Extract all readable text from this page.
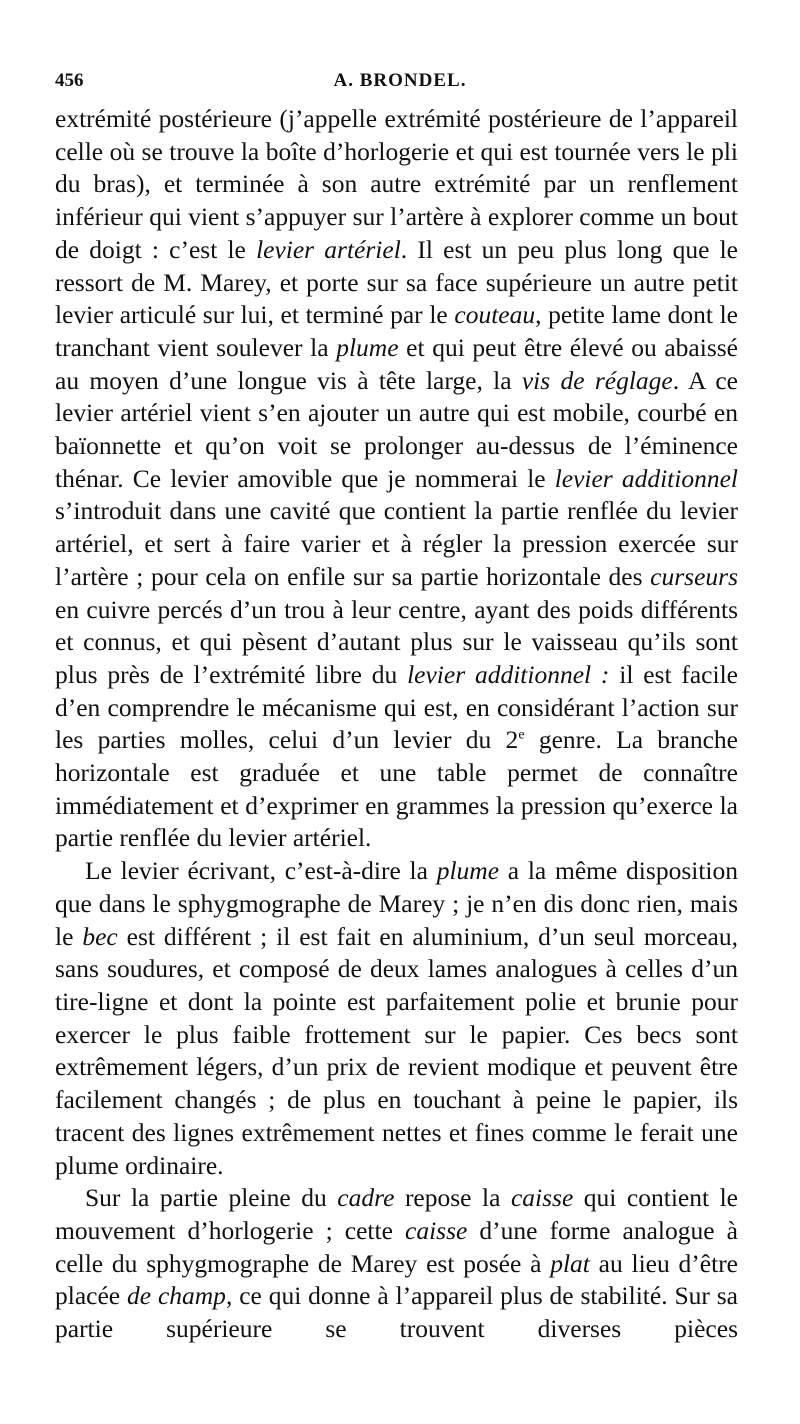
456	A. BRONDEL.

extrémité postérieure (j’appelle extrémité postérieure de l’appareil celle où se trouve la boîte d’horlogerie et qui est tournée vers le pli du bras), et terminée à son autre extrémité par un renflement inférieur qui vient s’appuyer sur l’artère à explorer comme un bout de doigt : c’est le levier artériel. Il est un peu plus long que le ressort de M. Marey, et porte sur sa face supérieure un autre petit levier articulé sur lui, et terminé par le couteau, petite lame dont le tranchant vient soulever la plume et qui peut être élevé ou abaissé au moyen d’une longue vis à tête large, la vis de réglage. A ce levier artériel vient s’en ajouter un autre qui est mobile, courbé en baïonnette et qu’on voit se prolonger au-dessus de l’éminence thénar. Ce levier amovible que je nommerai le levier additionnel s’introduit dans une cavité que contient la partie renflée du levier artériel, et sert à faire varier et à régler la pression exercée sur l’artère ; pour cela on enfile sur sa partie horizontale des curseurs en cuivre percés d’un trou à leur centre, ayant des poids différents et connus, et qui pèsent d’autant plus sur le vaisseau qu’ils sont plus près de l’extrémité libre du levier additionnel : il est facile d’en comprendre le mécanisme qui est, en considérant l’action sur les parties molles, celui d’un levier du 2e genre. La branche horizontale est graduée et une table permet de connaître immédiatement et d’exprimer en grammes la pression qu’exerce la partie renflée du levier artériel.

Le levier écrivant, c’est-à-dire la plume a la même disposition que dans le sphygmographe de Marey ; je n’en dis donc rien, mais le bec est différent ; il est fait en aluminium, d’un seul morceau, sans soudures, et composé de deux lames analogues à celles d’un tire-ligne et dont la pointe est parfaitement polie et brunie pour exercer le plus faible frottement sur le papier. Ces becs sont extrêmement légers, d’un prix de revient modique et peuvent être facilement changés ; de plus en touchant à peine le papier, ils tracent des lignes extrêmement nettes et fines comme le ferait une plume ordinaire.

Sur la partie pleine du cadre repose la caisse qui contient le mouvement d’horlogerie ; cette caisse d’une forme analogue à celle du sphygmographe de Marey est posée à plat au lieu d’être placée de champ, ce qui donne à l’appareil plus de stabilité. Sur sa partie supérieure se trouvent diverses pièces
